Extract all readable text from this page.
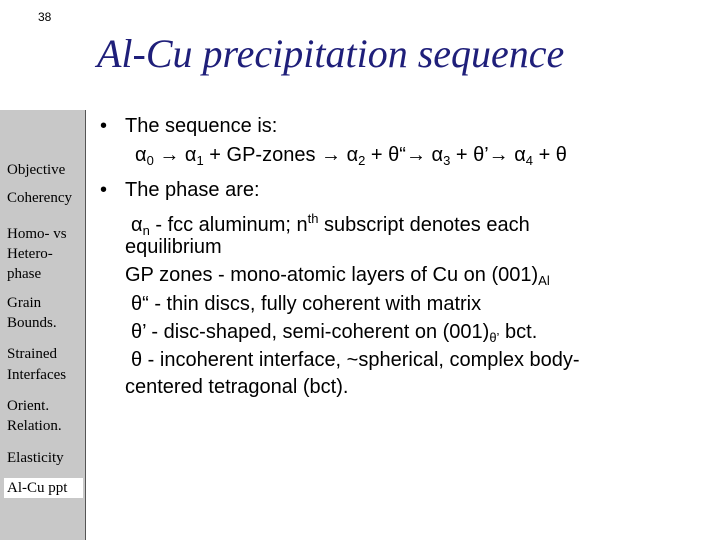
38
Al-Cu precipitation sequence
Objective
Coherency
Homo- vs
Hetero-
phase
Grain
Bounds.
Strained
Interfaces
Orient.
Relation.
Elasticity
Al-Cu ppt
• The sequence is:
$\alpha_0 \to \alpha_1$ + GP-zones → $\alpha_2$ + θ“→ $\alpha_3$ + θ’→ $\alpha_4 + \theta$
• The phase are:
$\alpha_n$ - fcc aluminum; $n^{th}$ subscript denotes each
equilibrium
GP zones - mono-atomic layers of Cu on $(001)_{Al}$
θ“ - thin discs, fully coherent with matrix
θ’ - disc-shaped, semi-coherent on $(001)_{\theta’}$ bct.
θ - incoherent interface, ~spherical, complex body-
centered tetragonal (bct).
